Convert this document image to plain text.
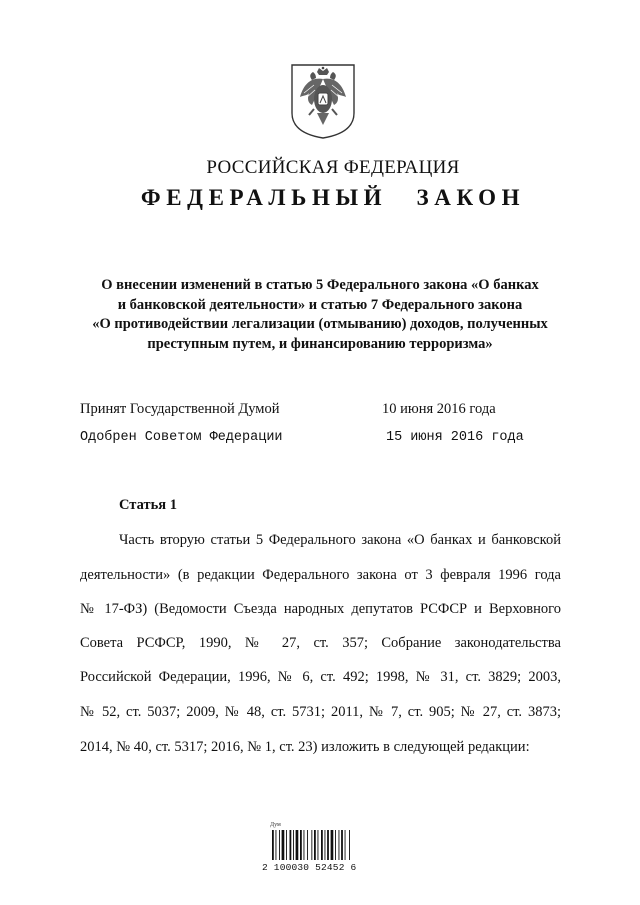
РОССИЙСКАЯ ФЕДЕРАЦИЯ
ФЕДЕРАЛЬНЫЙ ЗАКОН
О внесении изменений в статью 5 Федерального закона «О банках
и банковской деятельности» и статью 7 Федерального закона
«О противодействии легализации (отмыванию) доходов, полученных
преступным путем, и финансированию терроризма»
Принят Государственной Думой	10 июня 2016 года
Одобрен Советом Федерации	15 июня 2016 года
Статья 1
Часть вторую статьи 5 Федерального закона «О банках и банковской
деятельности» (в редакции Федерального закона от 3 февраля 1996 года
№ 17-ФЗ) (Ведомости Съезда народных депутатов РСФСР и Верховного
Совета РСФСР, 1990, № 27, ст. 357; Собрание законодательства
Российской Федерации, 1996, № 6, ст. 492; 1998, № 31, ст. 3829; 2003,
№ 52, ст. 5037; 2009, № 48, ст. 5731; 2011, № 7, ст. 905; № 27, ст. 3873;
2014, № 40, ст. 5317; 2016, № 1, ст. 23) изложить в следующей редакции:
Дум
2 100030 52452 6
